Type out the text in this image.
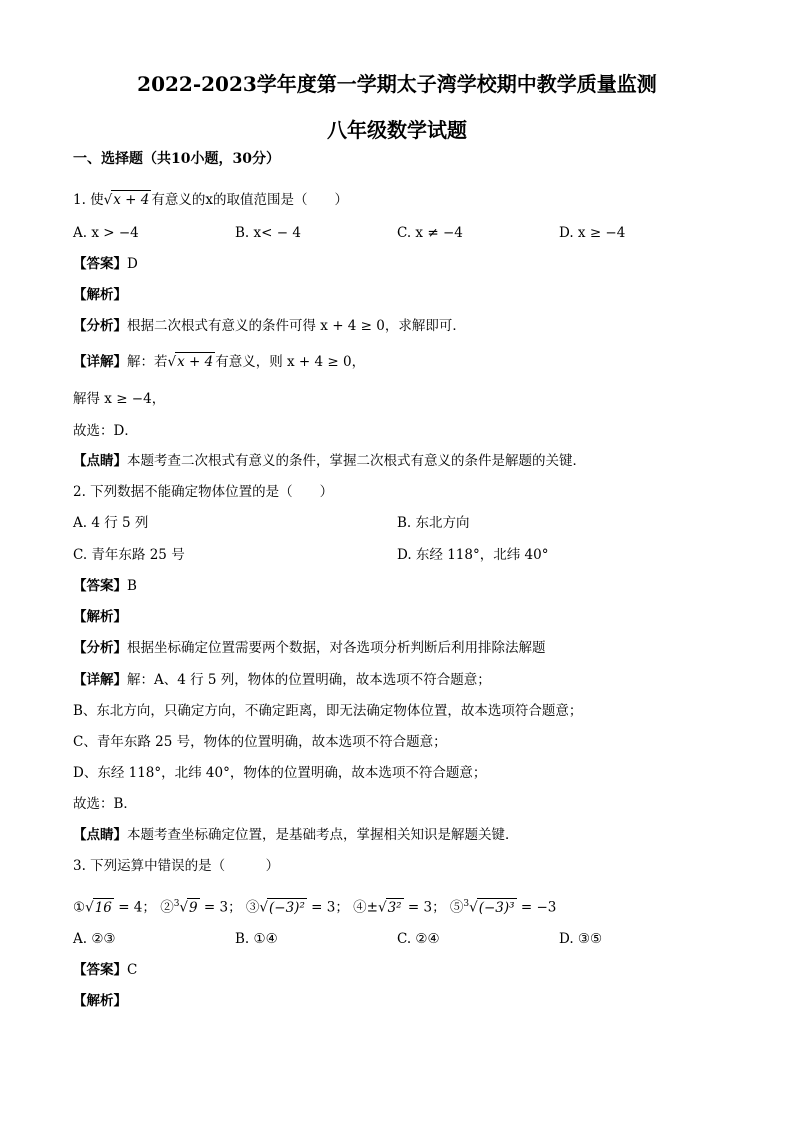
2022-2023学年度第一学期太子湾学校期中教学质量监测
八年级数学试题
一、选择题（共10小题，30分）
1. 使√x + 4 有意义的x的取值范围是（　　）
A. x > −4	B. x< − 4	C. x ≠ −4	D. x ≥ −4
【答案】D
【解析】
【分析】根据二次根式有意义的条件可得 x + 4 ≥ 0，求解即可．
【详解】解：若√x + 4 有意义，则 x + 4 ≥ 0，
解得 x ≥ −4，
故选：D．
【点睛】本题考查二次根式有意义的条件，掌握二次根式有意义的条件是解题的关键．
2. 下列数据不能确定物体位置的是（　　）
A. 4 行 5 列	B. 东北方向
C. 青年东路 25 号	D. 东经 118°，北纬 40°
【答案】B
【解析】
【分析】根据坐标确定位置需要两个数据，对各选项分析判断后利用排除法解题
【详解】解：A、4 行 5 列，物体的位置明确，故本选项不符合题意；
B、东北方向，只确定方向，不确定距离，即无法确定物体位置，故本选项符合题意；
C、青年东路 25 号，物体的位置明确，故本选项不符合题意；
D、东经 118°，北纬 40°，物体的位置明确，故本选项不符合题意；
故选：B．
【点睛】本题考查坐标确定位置，是基础考点，掌握相关知识是解题关键．
3. 下列运算中错误的是（　　　）
①√16 = 4； ②$^3$√9 = 3； ③√(−3)² = 3； ④±√3² = 3； ⑤$^3$√(−3)³ = −3
A. ②③	B. ①④	C. ②④	D. ③⑤
【答案】C
【解析】
